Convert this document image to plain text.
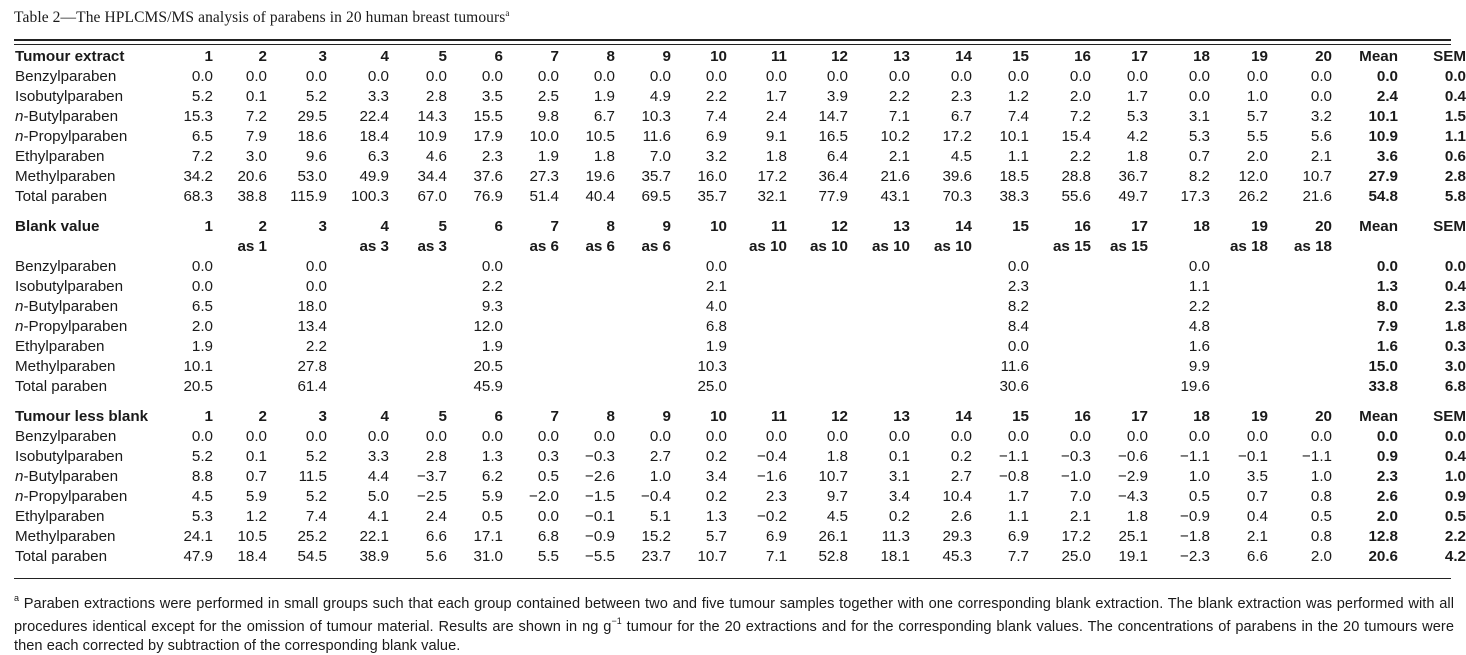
Table 2—The HPLCMS/MS analysis of parabens in 20 human breast tumours$^a$
Tumour extract	1	2	3	4	5	6	7	8	9	10	11	12	13	14	15	16	17	18	19	20	Mean	SEM
Benzylparaben	0.0	0.0	0.0	0.0	0.0	0.0	0.0	0.0	0.0	0.0	0.0	0.0	0.0	0.0	0.0	0.0	0.0	0.0	0.0	0.0	0.0	0.0
Isobutylparaben	5.2	0.1	5.2	3.3	2.8	3.5	2.5	1.9	4.9	2.2	1.7	3.9	2.2	2.3	1.2	2.0	1.7	0.0	1.0	0.0	2.4	0.4
n-Butylparaben	15.3	7.2	29.5	22.4	14.3	15.5	9.8	6.7	10.3	7.4	2.4	14.7	7.1	6.7	7.4	7.2	5.3	3.1	5.7	3.2	10.1	1.5
n-Propylparaben	6.5	7.9	18.6	18.4	10.9	17.9	10.0	10.5	11.6	6.9	9.1	16.5	10.2	17.2	10.1	15.4	4.2	5.3	5.5	5.6	10.9	1.1
Ethylparaben	7.2	3.0	9.6	6.3	4.6	2.3	1.9	1.8	7.0	3.2	1.8	6.4	2.1	4.5	1.1	2.2	1.8	0.7	2.0	2.1	3.6	0.6
Methylparaben	34.2	20.6	53.0	49.9	34.4	37.6	27.3	19.6	35.7	16.0	17.2	36.4	21.6	39.6	18.5	28.8	36.7	8.2	12.0	10.7	27.9	2.8
Total paraben	68.3	38.8	115.9	100.3	67.0	76.9	51.4	40.4	69.5	35.7	32.1	77.9	43.1	70.3	38.3	55.6	49.7	17.3	26.2	21.6	54.8	5.8

Blank value	1	2	3	4	5	6	7	8	9	10	11	12	13	14	15	16	17	18	19	20	Mean	SEM
		as 1		as 3	as 3		as 6	as 6	as 6		as 10	as 10	as 10	as 10		as 15	as 15		as 18	as 18		
Benzylparaben	0.0		0.0			0.0				0.0					0.0			0.0			0.0	0.0
Isobutylparaben	0.0		0.0			2.2				2.1					2.3			1.1			1.3	0.4
n-Butylparaben	6.5		18.0			9.3				4.0					8.2			2.2			8.0	2.3
n-Propylparaben	2.0		13.4			12.0				6.8					8.4			4.8			7.9	1.8
Ethylparaben	1.9		2.2			1.9				1.9					0.0			1.6			1.6	0.3
Methylparaben	10.1		27.8			20.5				10.3					11.6			9.9			15.0	3.0
Total paraben	20.5		61.4			45.9				25.0					30.6			19.6			33.8	6.8

Tumour less blank	1	2	3	4	5	6	7	8	9	10	11	12	13	14	15	16	17	18	19	20	Mean	SEM
Benzylparaben	0.0	0.0	0.0	0.0	0.0	0.0	0.0	0.0	0.0	0.0	0.0	0.0	0.0	0.0	0.0	0.0	0.0	0.0	0.0	0.0	0.0	0.0
Isobutylparaben	5.2	0.1	5.2	3.3	2.8	1.3	0.3	−0.3	2.7	0.2	−0.4	1.8	0.1	0.2	−1.1	−0.3	−0.6	−1.1	−0.1	−1.1	0.9	0.4
n-Butylparaben	8.8	0.7	11.5	4.4	−3.7	6.2	0.5	−2.6	1.0	3.4	−1.6	10.7	3.1	2.7	−0.8	−1.0	−2.9	1.0	3.5	1.0	2.3	1.0
n-Propylparaben	4.5	5.9	5.2	5.0	−2.5	5.9	−2.0	−1.5	−0.4	0.2	2.3	9.7	3.4	10.4	1.7	7.0	−4.3	0.5	0.7	0.8	2.6	0.9
Ethylparaben	5.3	1.2	7.4	4.1	2.4	0.5	0.0	−0.1	5.1	1.3	−0.2	4.5	0.2	2.6	1.1	2.1	1.8	−0.9	0.4	0.5	2.0	0.5
Methylparaben	24.1	10.5	25.2	22.1	6.6	17.1	6.8	−0.9	15.2	5.7	6.9	26.1	11.3	29.3	6.9	17.2	25.1	−1.8	2.1	0.8	12.8	2.2
Total paraben	47.9	18.4	54.5	38.9	5.6	31.0	5.5	−5.5	23.7	10.7	7.1	52.8	18.1	45.3	7.7	25.0	19.1	−2.3	6.6	2.0	20.6	4.2
$^a$ Paraben extractions were performed in small groups such that each group contained between two and five tumour samples together with one corresponding blank extraction. The blank extraction was performed with all procedures identical except for the omission of tumour material. Results are shown in ng $g^{-1}$ tumour for the 20 extractions and for the corresponding blank values. The concentrations of parabens in the 20 tumours were then each corrected by subtraction of the corresponding blank value.
